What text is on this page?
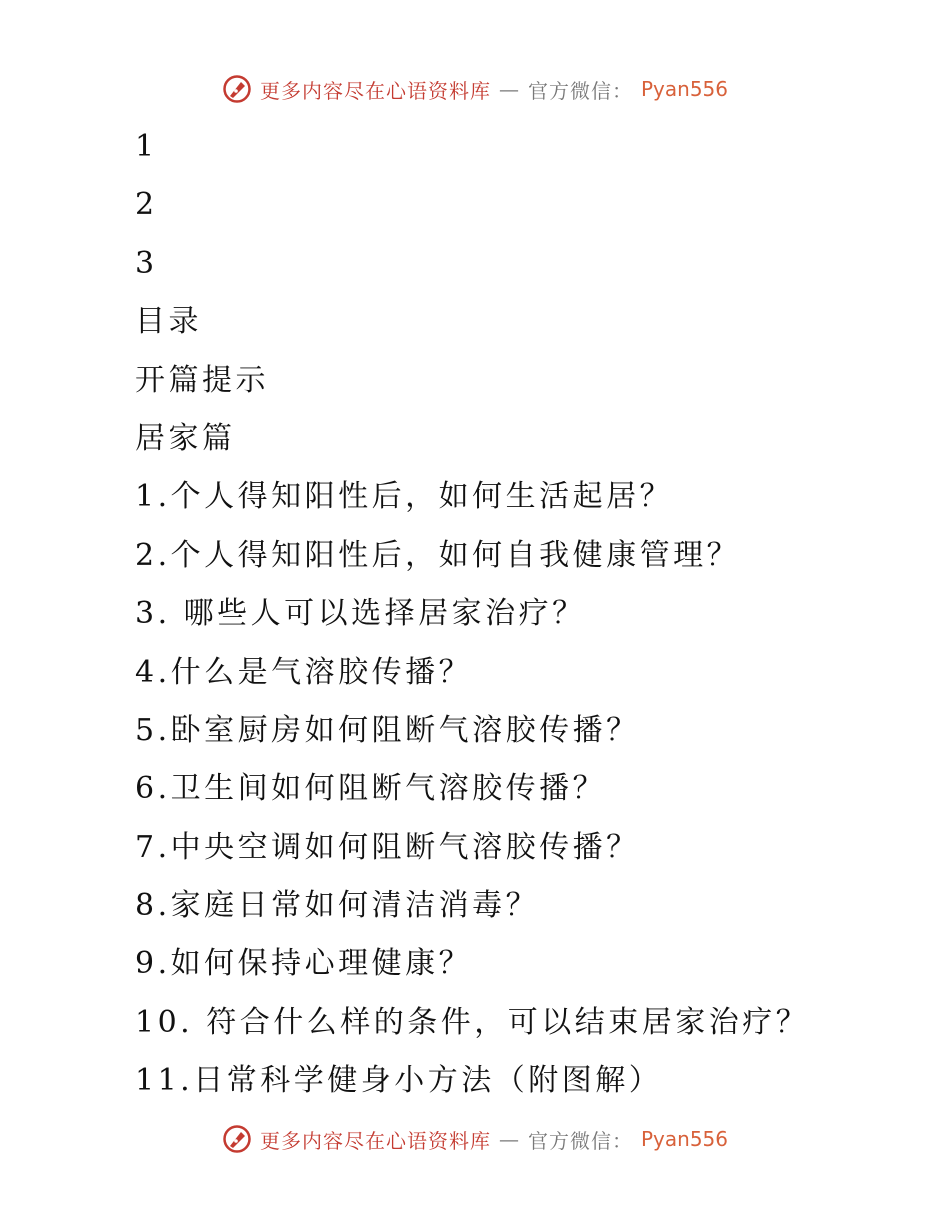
更多内容尽在心语资料库 — 官方微信： Pyan556
1
2
3
目录
开篇提示
居家篇
1.个人得知阳性后，如何生活起居？
2.个人得知阳性后，如何自我健康管理？
3. 哪些人可以选择居家治疗？
4.什么是气溶胶传播？
5.卧室厨房如何阻断气溶胶传播？
6.卫生间如何阻断气溶胶传播？
7.中央空调如何阻断气溶胶传播？
8.家庭日常如何清洁消毒？
9.如何保持心理健康？
10. 符合什么样的条件，可以结束居家治疗？
11.日常科学健身小方法（附图解）
更多内容尽在心语资料库 — 官方微信： Pyan556
